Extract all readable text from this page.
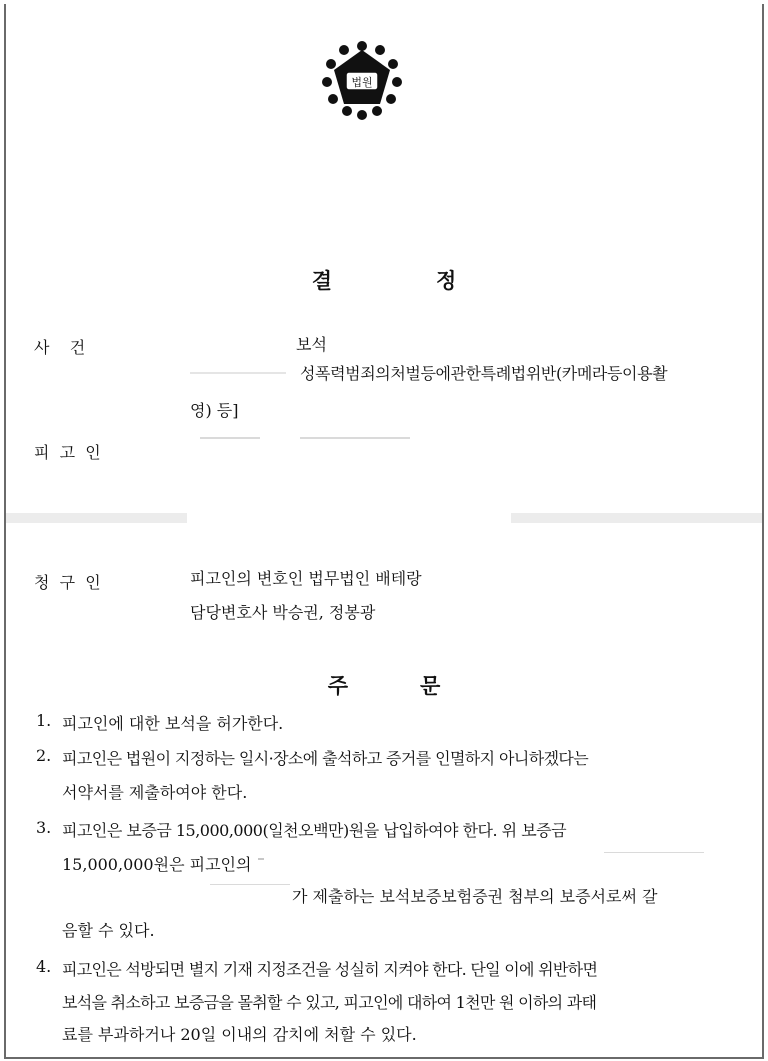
법원
결	정
사    건	보석
성폭력범죄의처벌등에관한특례법위반(카메라등이용촬
영) 등]
피  고  인
청  구  인	피고인의 변호인 법무법인 배테랑
담당변호사 박승권, 정봉광
주	문
1. 피고인에 대한 보석을 허가한다.
2. 피고인은 법원이 지정하는 일시·장소에 출석하고 증거를 인멸하지 아니하겠다는
서약서를 제출하여야 한다.
3. 피고인은 보증금 15,000,000(일천오백만)원을 납입하여야 한다. 위 보증금
15,000,000원은 피고인의
가 제출하는 보석보증보험증권 첨부의 보증서로써 갈
음할 수 있다.
4. 피고인은 석방되면 별지 기재 지정조건을 성실히 지켜야 한다. 단일 이에 위반하면
보석을 취소하고 보증금을 몰취할 수 있고, 피고인에 대하여 1천만 원 이하의 과태
료를 부과하거나 20일 이내의 감치에 처할 수 있다.
